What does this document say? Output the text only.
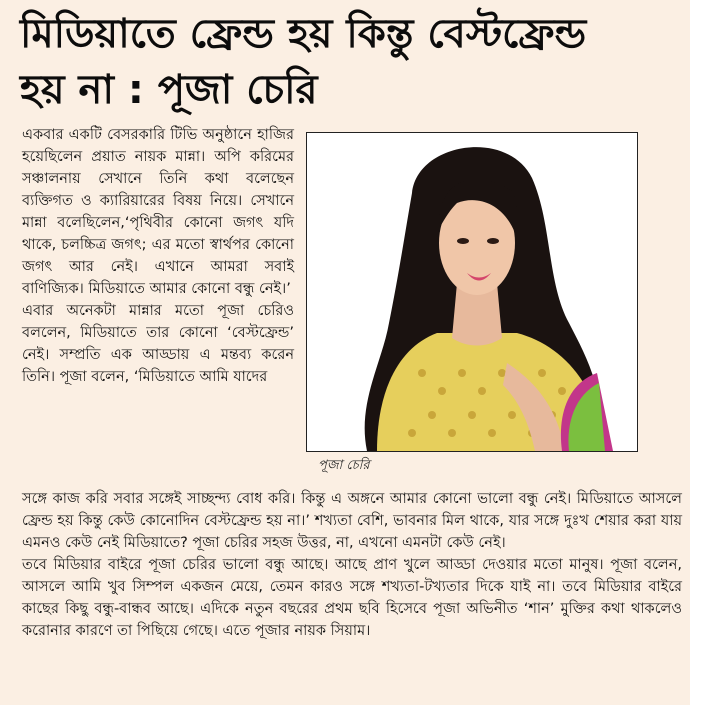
মিডিয়াতে ফ্রেন্ড হয় কিন্তু বেস্টফ্রেন্ড
হয় না : পূজা চেরি

একবার একটি বেসরকারি টিভি অনুষ্ঠানে হাজির হয়েছিলেন প্রয়াত নায়ক মান্না। অপি করিমের সঞ্চালনায় সেখানে তিনি কথা বলেছেন ব্যক্তিগত ও ক্যারিয়ারের বিষয় নিয়ে। সেখানে মান্না বলেছিলেন,‘পৃথিবীর কোনো জগৎ যদি থাকে, চলচ্চিত্র জগৎ; এর মতো স্বার্থপর কোনো জগৎ আর নেই। এখানে আমরা সবাই বাণিজ্যিক। মিডিয়াতে আমার কোনো বন্ধু নেই।’

এবার অনেকটা মান্নার মতো পূজা চেরিও বললেন, মিডিয়াতে তার কোনো ‘বেস্টফ্রেন্ড’ নেই। সম্প্রতি এক আড্ডায় এ মন্তব্য করেন তিনি। পূজা বলেন, ‘মিডিয়াতে আমি যাদের

পূজা চেরি

সঙ্গে কাজ করি সবার সঙ্গেই সাচ্ছন্দ্য বোধ করি। কিন্তু এ অঙ্গনে আমার কোনো ভালো বন্ধু নেই। মিডিয়াতে আসলে ফ্রেন্ড হয় কিন্তু কেউ কোনোদিন বেস্টফ্রেন্ড হয় না।’ শখ্যতা বেশি, ভাবনার মিল থাকে, যার সঙ্গে দুঃখ শেয়ার করা যায় এমনও কেউ নেই মিডিয়াতে? পূজা চেরির সহজ উত্তর, না, এখনো এমনটা কেউ নেই।

তবে মিডিয়ার বাইরে পূজা চেরির ভালো বন্ধু আছে। আছে প্রাণ খুলে আড্ডা দেওয়ার মতো মানুষ। পূজা বলেন, আসলে আমি খুব সিম্পল একজন মেয়ে, তেমন কারও সঙ্গে শখ্যতা-টখ্যতার দিকে যাই না। তবে মিডিয়ার বাইরে কাছের কিছু বন্ধু-বান্ধব আছে। এদিকে নতুন বছরের প্রথম ছবি হিসেবে পূজা অভিনীত ‘শান’ মুক্তির কথা থাকলেও করোনার কারণে তা পিছিয়ে গেছে। এতে পূজার নায়ক সিয়াম।
